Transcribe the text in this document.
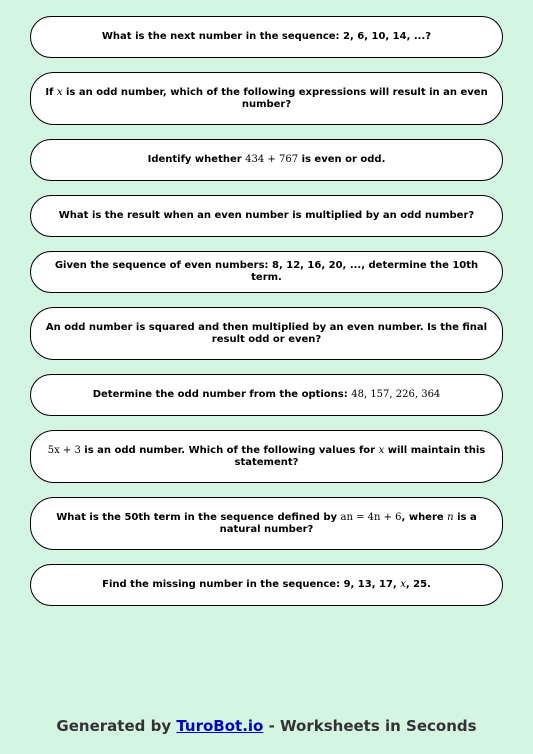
What is the next number in the sequence: 2, 6, 10, 14, ...?
If x is an odd number, which of the following expressions will result in an even number?
Identify whether 434 + 767 is even or odd.
What is the result when an even number is multiplied by an odd number?
Given the sequence of even numbers: 8, 12, 16, 20, ..., determine the 10th term.
An odd number is squared and then multiplied by an even number. Is the final result odd or even?
Determine the odd number from the options: 48, 157, 226, 364
5x + 3 is an odd number. Which of the following values for x will maintain this statement?
What is the 50th term in the sequence defined by an = 4n + 6, where n is a natural number?
Find the missing number in the sequence: 9, 13, 17, x, 25.
Generated by TuroBot.io - Worksheets in Seconds
